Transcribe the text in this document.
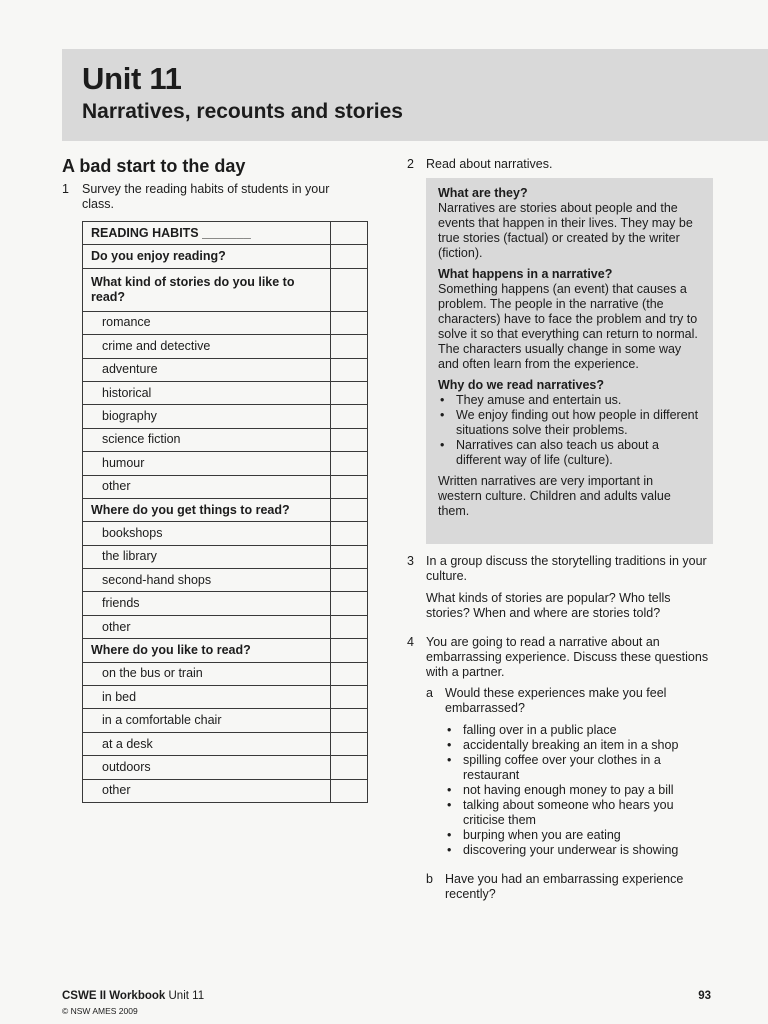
Unit 11
Narratives, recounts and stories
A bad start to the day
1 Survey the reading habits of students in your class.
READING HABITS _______	
Do you enjoy reading?	
What kind of stories do you like to read?	
romance	
crime and detective	
adventure	
historical	
biography	
science fiction	
humour	
other	
Where do you get things to read?	
bookshops	
the library	
second-hand shops	
friends	
other	
Where do you like to read?	
on the bus or train	
in bed	
in a comfortable chair	
at a desk	
outdoors	
other	
2 Read about narratives.
What are they?

Narratives are stories about people and the events that happen in their lives. They may be true stories (factual) or created by the writer (fiction).

What happens in a narrative?

Something happens (an event) that causes a problem. The people in the narrative (the characters) have to face the problem and try to solve it so that everything can return to normal. The characters usually change in some way and often learn from the experience.

Why do we read narratives?
• They amuse and entertain us.
• We enjoy finding out how people in different situations solve their problems.
• Narratives can also teach us about a different way of life (culture).

Written narratives are very important in western culture. Children and adults value them.

3 In a group discuss the storytelling traditions in your culture.

What kinds of stories are popular? Who tells stories? When and where are stories told?

4 You are going to read a narrative about an embarrassing experience. Discuss these questions with a partner.
a Would these experiences make you feel embarrassed?
• falling over in a public place
• accidentally breaking an item in a shop
• spilling coffee over your clothes in a restaurant
• not having enough money to pay a bill
• talking about someone who hears you criticise them
• burping when you are eating
• discovering your underwear is showing
b Have you had an embarrassing experience recently?
CSWE II Workbook Unit 11
© NSW AMES 2009
93
